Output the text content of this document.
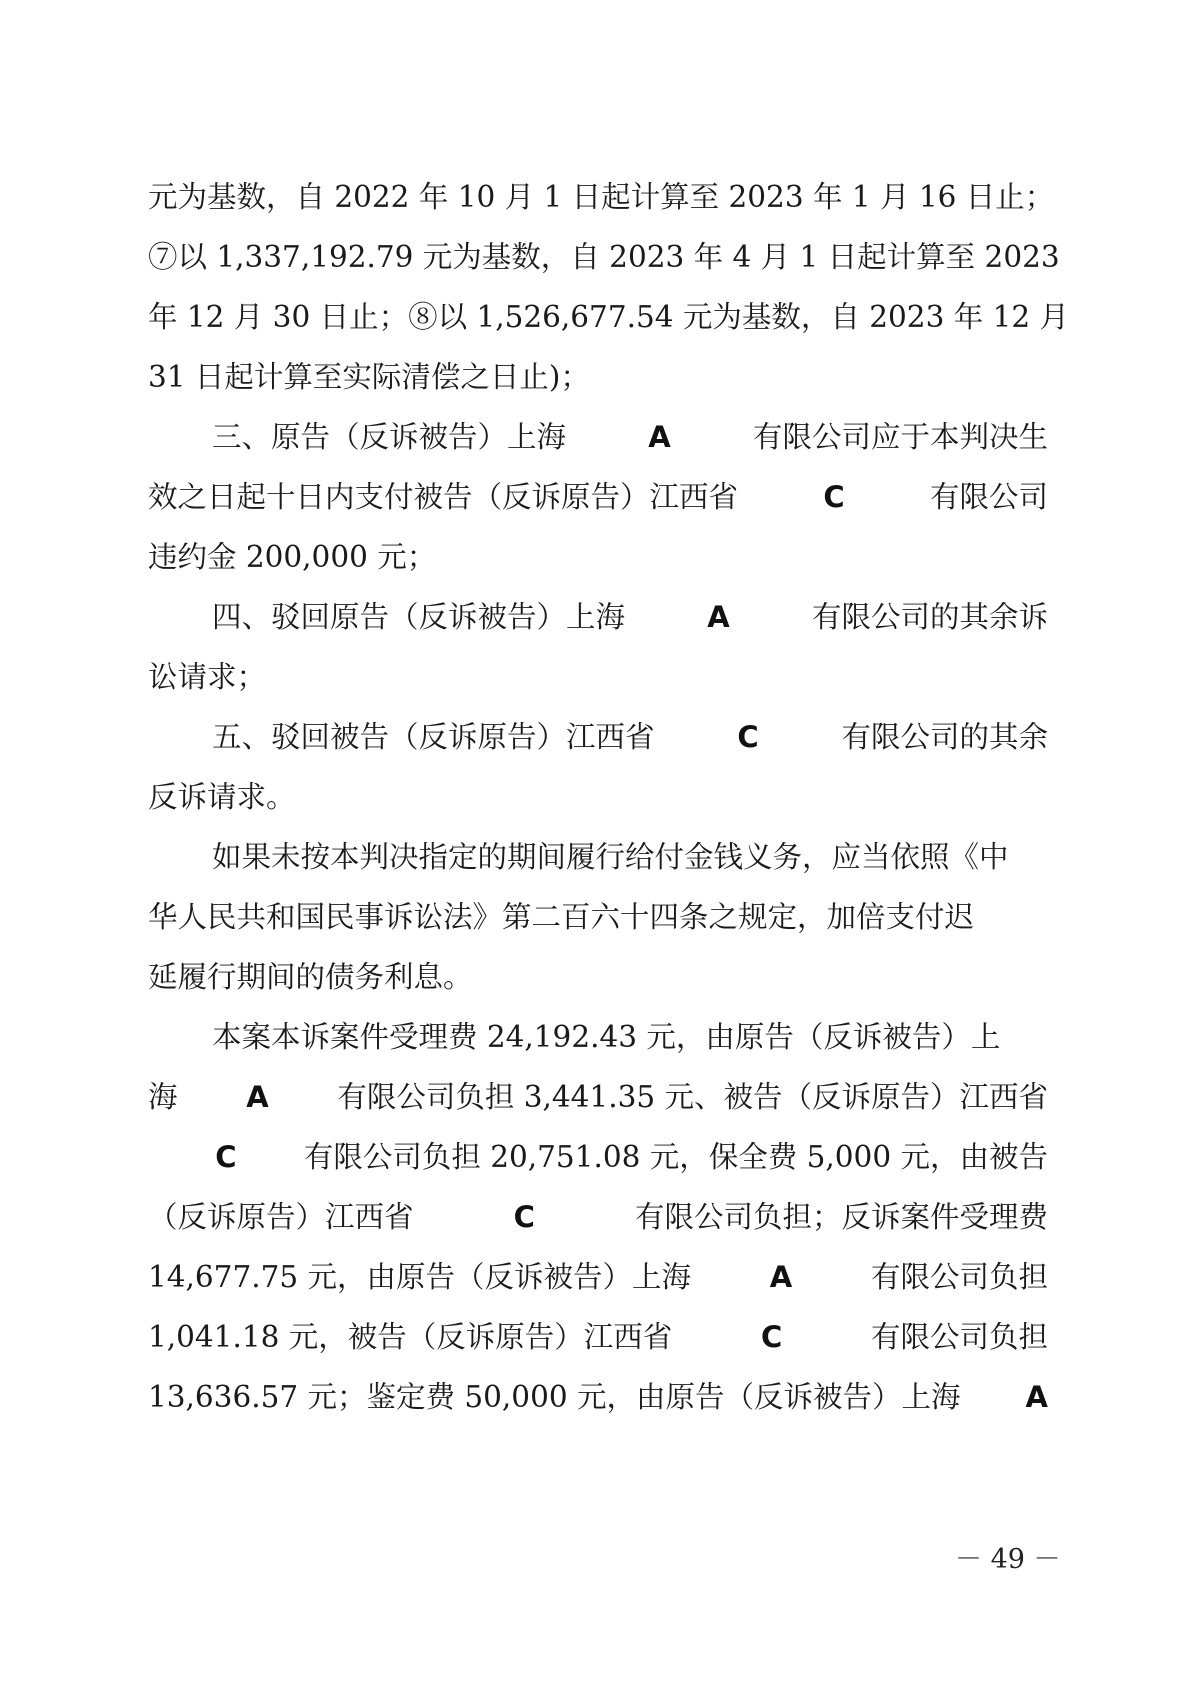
元为基数，自 2022 年 10 月 1 日起计算至 2023 年 1 月 16 日止；
⑦以 1,337,192.79 元为基数，自 2023 年 4 月 1 日起计算至 2023
年 12 月 30 日止；⑧以 1,526,677.54 元为基数，自 2023 年 12 月
31 日起计算至实际清偿之日止)；
三、原告（反诉被告）上海	A	有限公司应于本判决生
效之日起十日内支付被告（反诉原告）江西省	C	有限公司
违约金 200,000 元；
四、驳回原告（反诉被告）上海	A	有限公司的其余诉
讼请求；
五、驳回被告（反诉原告）江西省	C	有限公司的其余
反诉请求。
如果未按本判决指定的期间履行给付金钱义务，应当依照《中
华人民共和国民事诉讼法》第二百六十四条之规定，加倍支付迟
延履行期间的债务利息。
本案本诉案件受理费 24,192.43 元，由原告（反诉被告）上
海	A	有限公司负担 3,441.35 元、被告（反诉原告）江西省
C	有限公司负担 20,751.08 元，保全费 5,000 元，由被告
（反诉原告）江西省	C	有限公司负担；反诉案件受理费
14,677.75 元，由原告（反诉被告）上海	A	有限公司负担
1,041.18 元，被告（反诉原告）江西省	C	有限公司负担
13,636.57 元；鉴定费 50,000 元，由原告（反诉被告）上海	A
－ 49 －
